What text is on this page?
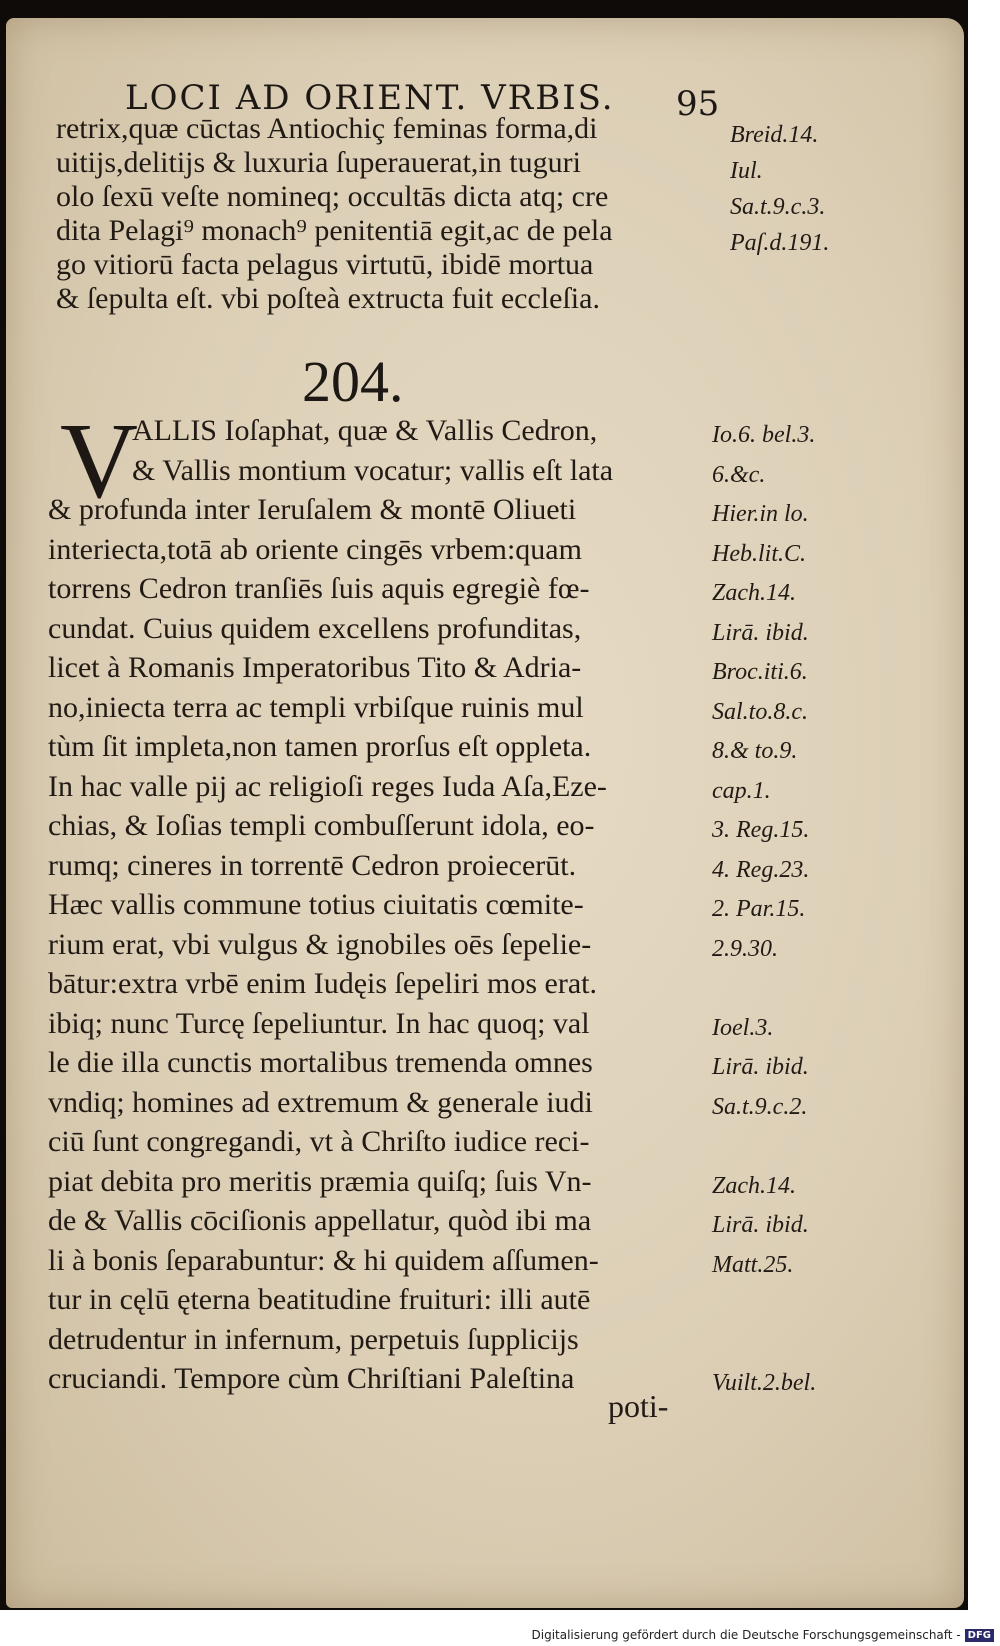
LOCI AD ORIENT. VRBIS. 95
retrix,quæ cūctas Antiochiç feminas forma,di
uitijs,delitijs & luxuria ſuperauerat,in tuguri
olo ſexū veſte nomineq; occultās dicta atq; cre
dita Pelagi⁹ monach⁹ penitentiā egit,ac de pela
go vitiorū facta pelagus virtutū, ibidē mortua
& ſepulta eſt. vbi poſteà extructa fuit eccleſia.
Breid.14.
Iul.
Sa.t.9.c.3.
Paſ.d.191.
204.
V
ALLIS Ioſaphat, quæ & Vallis Cedron,
& Vallis montium vocatur; vallis eſt lata
& profunda inter Ieruſalem & montē Oliueti
interiecta,totā ab oriente cingēs vrbem:quam
torrens Cedron tranſiēs ſuis aquis egregiè fœ-
cundat. Cuius quidem excellens profunditas,
licet à Romanis Imperatoribus Tito & Adria-
no,iniecta terra ac templi vrbiſque ruinis mul
tùm ſit impleta,non tamen prorſus eſt oppleta.
In hac valle pij ac religioſi reges Iuda Aſa,Eze-
chias, & Ioſias templi combuſſerunt idola, eo-
rumq; cineres in torrentē Cedron proiecerūt.
Hæc vallis commune totius ciuitatis cœmite-
rium erat, vbi vulgus & ignobiles oēs ſepelie-
bātur:extra vrbē enim Iudęis ſepeliri mos erat.
ibiq; nunc Turcę ſepeliuntur. In hac quoq; val
le die illa cunctis mortalibus tremenda omnes
vndiq; homines ad extremum & generale iudi
ciū ſunt congregandi, vt à Chriſto iudice reci-
piat debita pro meritis præmia quiſq; ſuis Vn-
de & Vallis cōciſionis appellatur, quòd ibi ma
li à bonis ſeparabuntur: & hi quidem aſſumen-
tur in cęlū ęterna beatitudine fruituri: illi autē
detrudentur in infernum, perpetuis ſupplicijs
cruciandi. Tempore cùm Chriſtiani Paleſtina
Io.6. bel.3.
6.&c.
Hier.in lo.
Heb.lit.C.
Zach.14.
Lirā. ibid.
Broc.iti.6.
Sal.to.8.c.
8.& to.9.
cap.1.
3. Reg.15.
4. Reg.23.
2. Par.15.
2.9.30.
Ioel.3.
Lirā. ibid.
Sa.t.9.c.2.
Zach.14.
Lirā. ibid.
Matt.25.
Vuilt.2.bel.
poti-
Digitalisierung gefördert durch die Deutsche Forschungsgemeinschaft - DFG
